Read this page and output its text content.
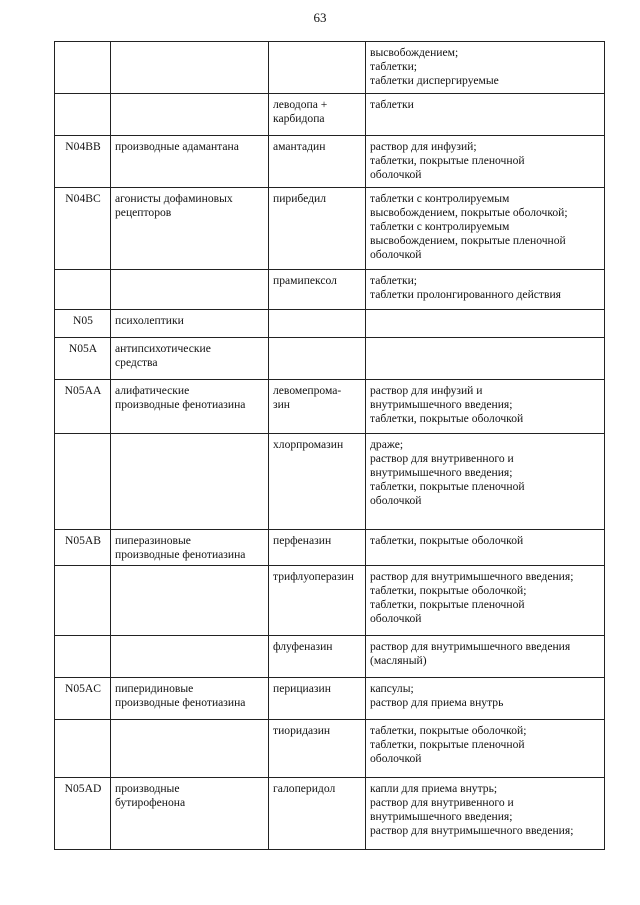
63

			высвобождением;
таблетки;
таблетки диспергируемые

		леводопа +
карбидопа	таблетки

N04BB	производные адамантана	амантадин	раствор для инфузий;
таблетки, покрытые пленочной
оболочкой

N04BC	агонисты дофаминовых
рецепторов	пирибедил	таблетки с контролируемым
высвобождением, покрытые оболочкой;
таблетки с контролируемым
высвобождением, покрытые пленочной
оболочкой

		прамипексол	таблетки;
таблетки пролонгированного действия

N05	психолептики		

N05A	антипсихотические
средства		

N05AA	алифатические
производные фенотиазина	левомепрома-
зин	раствор для инфузий и
внутримышечного введения;
таблетки, покрытые оболочкой

		хлорпромазин	драже;
раствор для внутривенного и
внутримышечного введения;
таблетки, покрытые пленочной
оболочкой

N05AB	пиперазиновые
производные фенотиазина	перфеназин	таблетки, покрытые оболочкой

		трифлуоперазин	раствор для внутримышечного введения;
таблетки, покрытые оболочкой;
таблетки, покрытые пленочной
оболочкой

		флуфеназин	раствор для внутримышечного введения
(масляный)

N05AC	пиперидиновые
производные фенотиазина	перициазин	капсулы;
раствор для приема внутрь

		тиоридазин	таблетки, покрытые оболочкой;
таблетки, покрытые пленочной
оболочкой

N05AD	производные
бутирофенона	галоперидол	капли для приема внутрь;
раствор для внутривенного и
внутримышечного введения;
раствор для внутримышечного введения;
